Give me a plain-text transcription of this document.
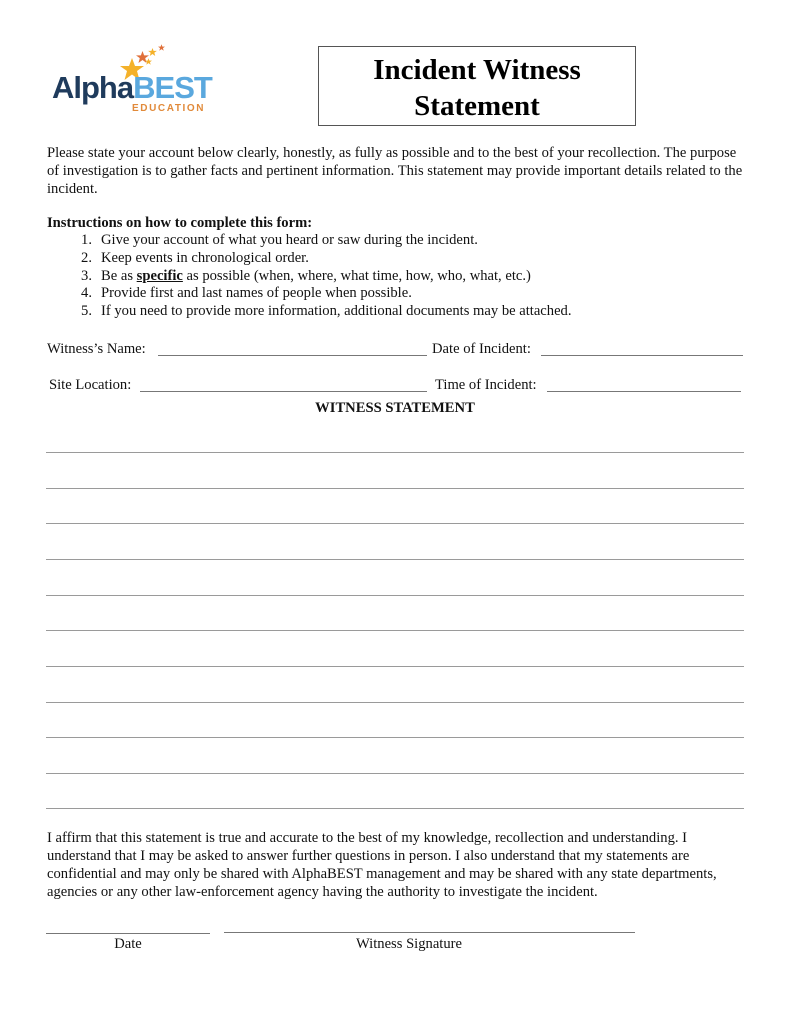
AlphaBEST
EDUCATION
Incident Witness
Statement
Please state your account below clearly, honestly, as fully as possible and to the best of your recollection. The purpose of investigation is to gather facts and pertinent information. This statement may provide important details related to the incident.
Instructions on how to complete this form:
1. Give your account of what you heard or saw during the incident.
2. Keep events in chronological order.
3. Be as specific as possible (when, where, what time, how, who, what, etc.)
4. Provide first and last names of people when possible.
5. If you need to provide more information, additional documents may be attached.
Witness’s Name:	Date of Incident:
Site Location:	Time of Incident:
WITNESS STATEMENT
I affirm that this statement is true and accurate to the best of my knowledge, recollection and understanding. I understand that I may be asked to answer further questions in person. I also understand that my statements are confidential and may only be shared with AlphaBEST management and may be shared with any state departments, agencies or any other law-enforcement agency having the authority to investigate the incident.
Date	Witness Signature
